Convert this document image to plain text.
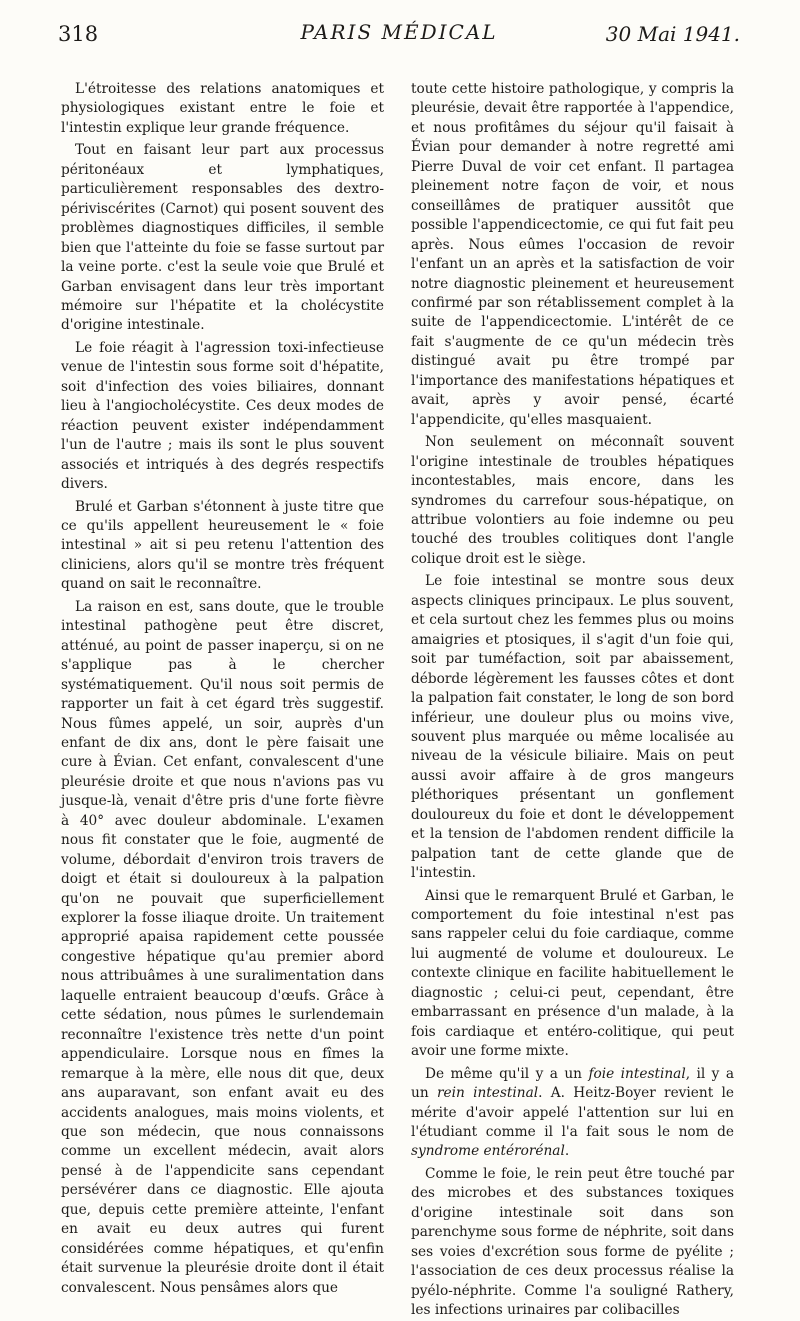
318	PARIS MÉDICAL	30 Mai 1941.

L'étroitesse des relations anatomiques et physiologiques existant entre le foie et l'intestin explique leur grande fréquence.

Tout en faisant leur part aux processus péritonéaux et lymphatiques, particulièrement responsables des dextro-périviscérites (Carnot) qui posent souvent des problèmes diagnostiques difficiles, il semble bien que l'atteinte du foie se fasse surtout par la veine porte. c'est la seule voie que Brulé et Garban envisagent dans leur très important mémoire sur l'hépatite et la cholécystite d'origine intestinale.

Le foie réagit à l'agression toxi-infectieuse venue de l'intestin sous forme soit d'hépatite, soit d'infection des voies biliaires, donnant lieu à l'angiocholécystite. Ces deux modes de réaction peuvent exister indépendamment l'un de l'autre ; mais ils sont le plus souvent associés et intriqués à des degrés respectifs divers.

Brulé et Garban s'étonnent à juste titre que ce qu'ils appellent heureusement le « foie intestinal » ait si peu retenu l'attention des cliniciens, alors qu'il se montre très fréquent quand on sait le reconnaître.

La raison en est, sans doute, que le trouble intestinal pathogène peut être discret, atténué, au point de passer inaperçu, si on ne s'applique pas à le chercher systématiquement. Qu'il nous soit permis de rapporter un fait à cet égard très suggestif. Nous fûmes appelé, un soir, auprès d'un enfant de dix ans, dont le père faisait une cure à Évian. Cet enfant, convalescent d'une pleurésie droite et que nous n'avions pas vu jusque-là, venait d'être pris d'une forte fièvre à 40° avec douleur abdominale. L'examen nous fit constater que le foie, augmenté de volume, débordait d'environ trois travers de doigt et était si douloureux à la palpation qu'on ne pouvait que superficiellement explorer la fosse iliaque droite. Un traitement approprié apaisa rapidement cette poussée congestive hépatique qu'au premier abord nous attribuâmes à une suralimentation dans laquelle entraient beaucoup d'œufs. Grâce à cette sédation, nous pûmes le surlendemain reconnaître l'existence très nette d'un point appendiculaire. Lorsque nous en fîmes la remarque à la mère, elle nous dit que, deux ans auparavant, son enfant avait eu des accidents analogues, mais moins violents, et que son médecin, que nous connaissons comme un excellent médecin, avait alors pensé à de l'appendicite sans cependant persévérer dans ce diagnostic. Elle ajouta que, depuis cette première atteinte, l'enfant en avait eu deux autres qui furent considérées comme hépatiques, et qu'enfin était survenue la pleurésie droite dont il était convalescent. Nous pensâmes alors que

toute cette histoire pathologique, y compris la pleurésie, devait être rapportée à l'appendice, et nous profitâmes du séjour qu'il faisait à Évian pour demander à notre regretté ami Pierre Duval de voir cet enfant. Il partagea pleinement notre façon de voir, et nous conseillâmes de pratiquer aussitôt que possible l'appendicectomie, ce qui fut fait peu après. Nous eûmes l'occasion de revoir l'enfant un an après et la satisfaction de voir notre diagnostic pleinement et heureusement confirmé par son rétablissement complet à la suite de l'appendicectomie. L'intérêt de ce fait s'augmente de ce qu'un médecin très distingué avait pu être trompé par l'importance des manifestations hépatiques et avait, après y avoir pensé, écarté l'appendicite, qu'elles masquaient.

Non seulement on méconnaît souvent l'origine intestinale de troubles hépatiques incontestables, mais encore, dans les syndromes du carrefour sous-hépatique, on attribue volontiers au foie indemne ou peu touché des troubles colitiques dont l'angle colique droit est le siège.

Le foie intestinal se montre sous deux aspects cliniques principaux. Le plus souvent, et cela surtout chez les femmes plus ou moins amaigries et ptosiques, il s'agit d'un foie qui, soit par tuméfaction, soit par abaissement, déborde légèrement les fausses côtes et dont la palpation fait constater, le long de son bord inférieur, une douleur plus ou moins vive, souvent plus marquée ou même localisée au niveau de la vésicule biliaire. Mais on peut aussi avoir affaire à de gros mangeurs pléthoriques présentant un gonflement douloureux du foie et dont le développement et la tension de l'abdomen rendent difficile la palpation tant de cette glande que de l'intestin.

Ainsi que le remarquent Brulé et Garban, le comportement du foie intestinal n'est pas sans rappeler celui du foie cardiaque, comme lui augmenté de volume et douloureux. Le contexte clinique en facilite habituellement le diagnostic ; celui-ci peut, cependant, être embarrassant en présence d'un malade, à la fois cardiaque et entéro-colitique, qui peut avoir une forme mixte.

De même qu'il y a un foie intestinal, il y a un rein intestinal. A. Heitz-Boyer revient le mérite d'avoir appelé l'attention sur lui en l'étudiant comme il l'a fait sous le nom de syndrome entérorénal.

Comme le foie, le rein peut être touché par des microbes et des substances toxiques d'origine intestinale soit dans son parenchyme sous forme de néphrite, soit dans ses voies d'excrétion sous forme de pyélite ; l'association de ces deux processus réalise la pyélo-néphrite. Comme l'a souligné Rathery, les infections urinaires par colibacilles
